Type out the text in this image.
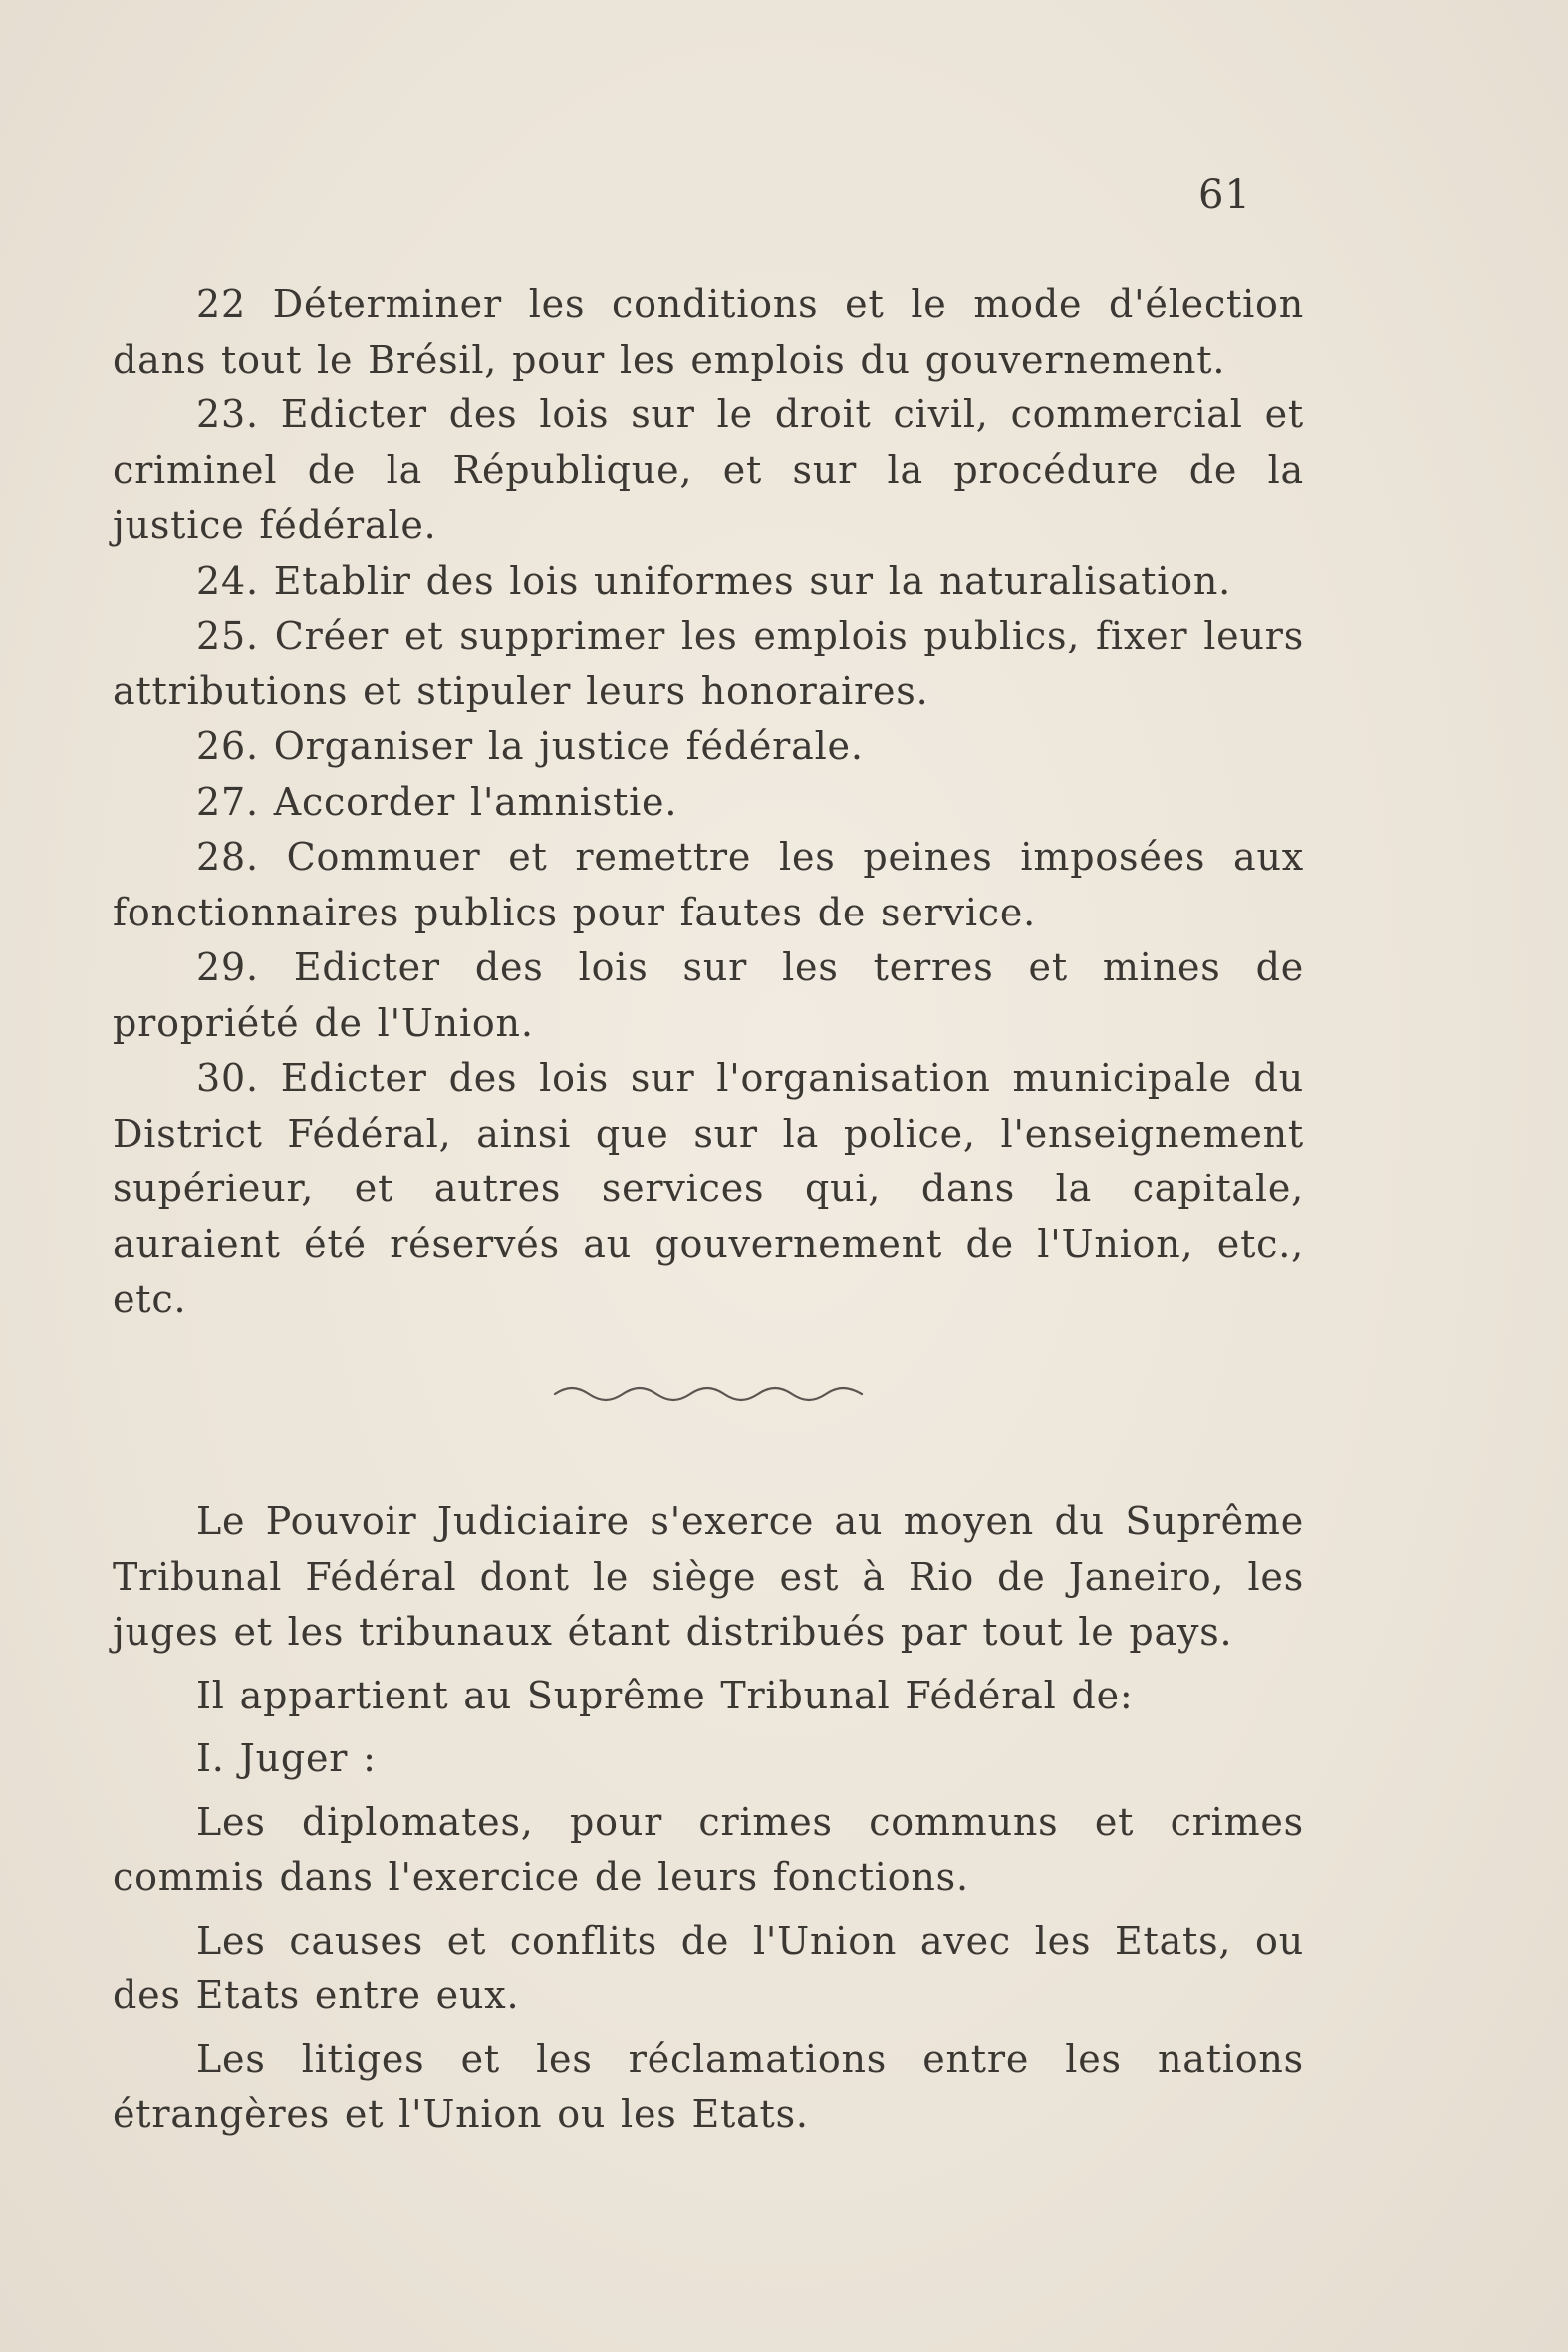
61

22 Déterminer les conditions et le mode d'élection dans tout le Brésil, pour les emplois du gouvernement.

23. Edicter des lois sur le droit civil, commercial et criminel de la République, et sur la procédure de la justice fédérale.

24. Etablir des lois uniformes sur la naturalisation.

25. Créer et supprimer les emplois publics, fixer leurs attributions et stipuler leurs honoraires.

26. Organiser la justice fédérale.

27. Accorder l'amnistie.

28. Commuer et remettre les peines imposées aux fonctionnaires publics pour fautes de service.

29. Edicter des lois sur les terres et mines de propriété de l'Union.

30. Edicter des lois sur l'organisation municipale du District Fédéral, ainsi que sur la police, l'enseignement supérieur, et autres services qui, dans la capitale, auraient été réservés au gouvernement de l'Union, etc., etc.

Le Pouvoir Judiciaire s'exerce au moyen du Suprême Tribunal Fédéral dont le siège est à Rio de Janeiro, les juges et les tribunaux étant distribués par tout le pays.

Il appartient au Suprême Tribunal Fédéral de:

I. Juger :

Les diplomates, pour crimes communs et crimes commis dans l'exercice de leurs fonctions.

Les causes et conflits de l'Union avec les Etats, ou des Etats entre eux.

Les litiges et les réclamations entre les nations étrangères et l'Union ou les Etats.
